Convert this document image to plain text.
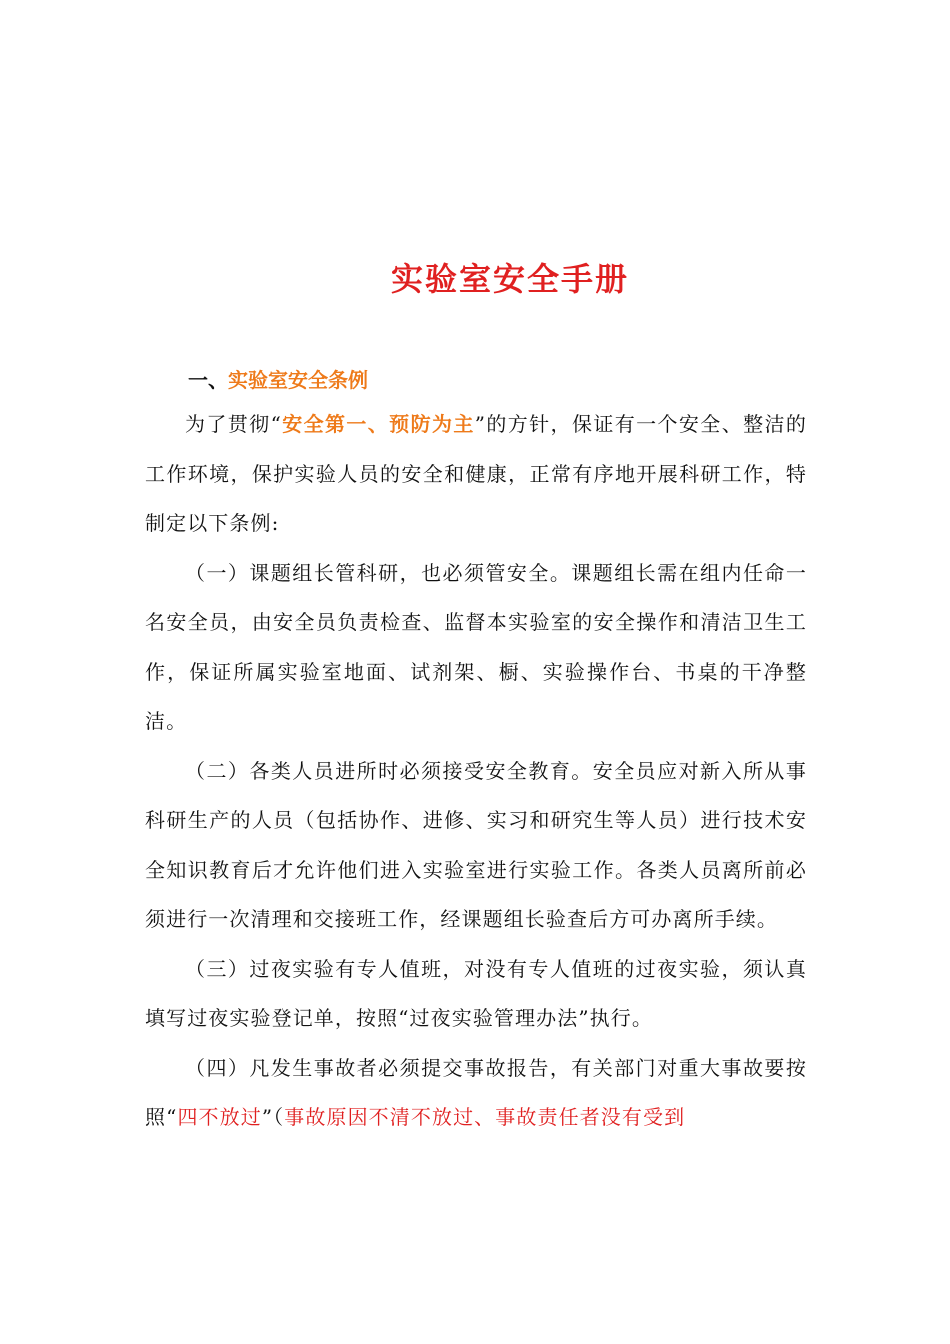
实验室安全手册
一、实验室安全条例

为了贯彻“安全第一、预防为主”的方针，保证有一个安全、整洁的工作环境，保护实验人员的安全和健康，正常有序地开展科研工作，特制定以下条例:

（一）课题组长管科研，也必须管安全。课题组长需在组内任命一名安全员，由安全员负责检查、监督本实验室的安全操作和清洁卫生工作，保证所属实验室地面、试剂架、橱、实验操作台、书桌的干净整洁。

（二）各类人员进所时必须接受安全教育。安全员应对新入所从事科研生产的人员（包括协作、进修、实习和研究生等人员）进行技术安全知识教育后才允许他们进入实验室进行实验工作。各类人员离所前必须进行一次清理和交接班工作，经课题组长验查后方可办离所手续。

（三）过夜实验有专人值班，对没有专人值班的过夜实验，须认真填写过夜实验登记单，按照“过夜实验管理办法”执行。

（四）凡发生事故者必须提交事故报告，有关部门对重大事故要按照“四不放过”（事故原因不清不放过、事故责任者没有受到
